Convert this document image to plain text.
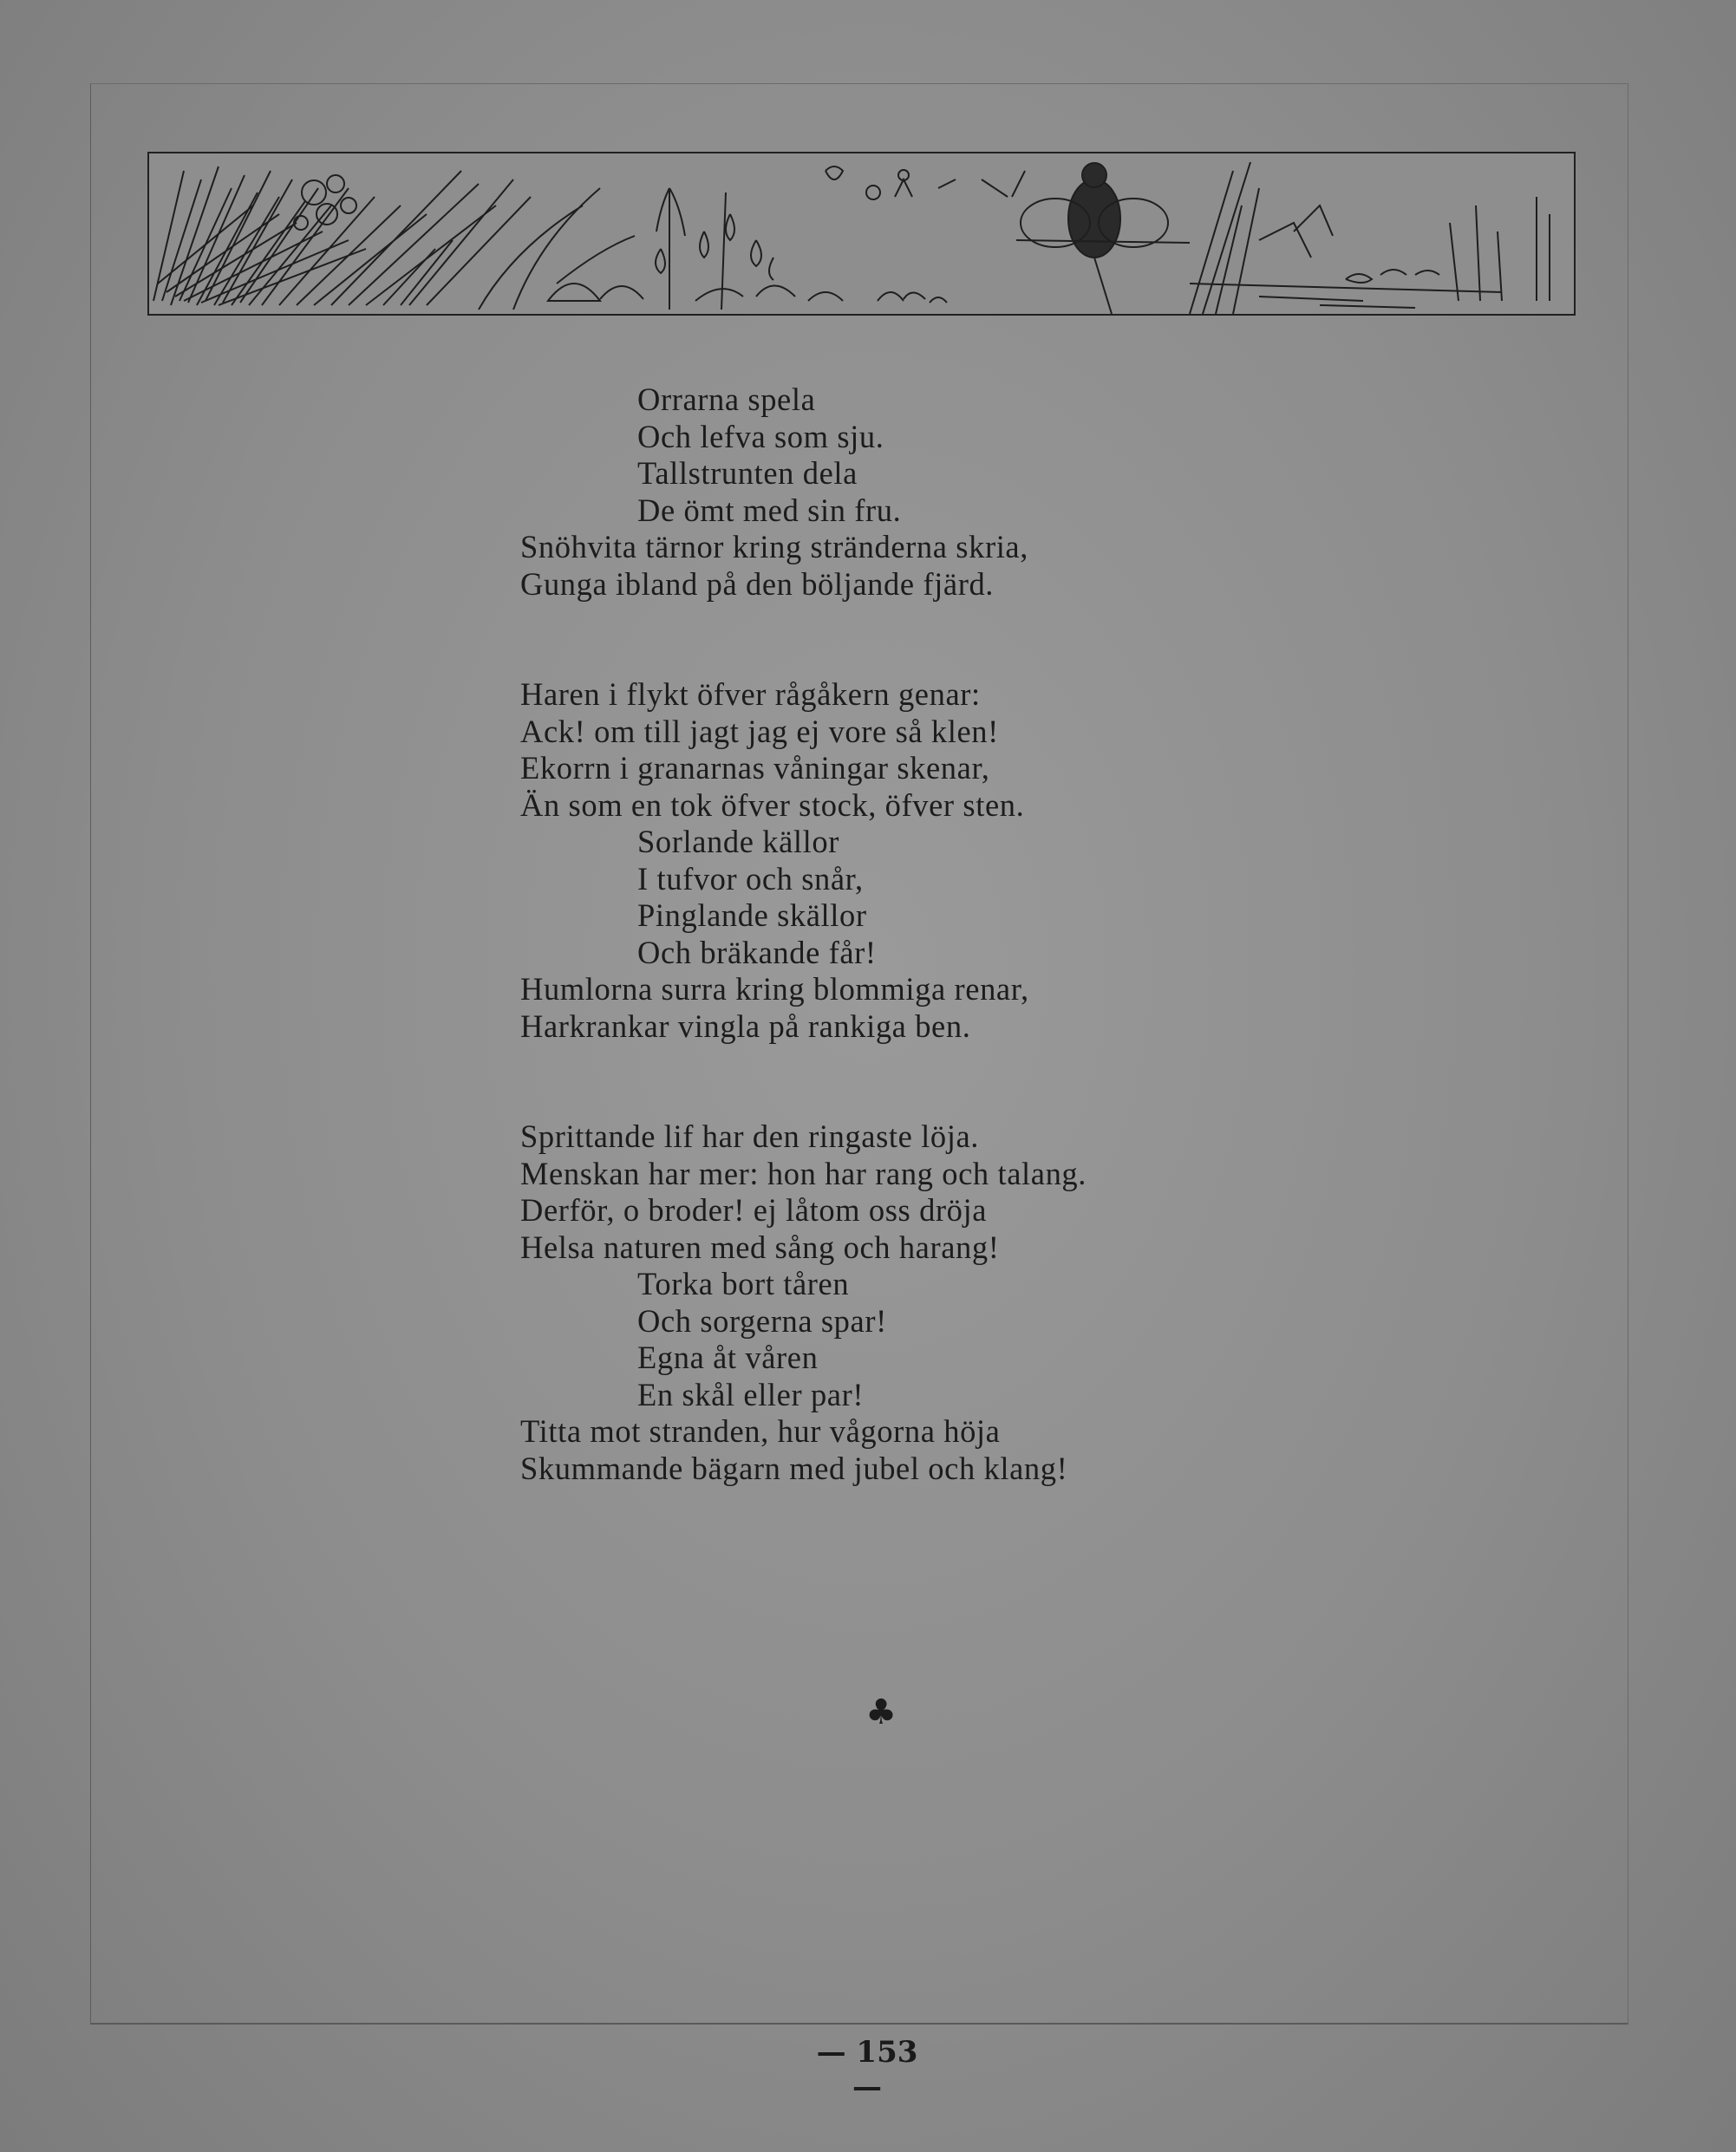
Orrarna spela
Och lefva som sju.
Tallstrunten dela
De ömt med sin fru.
Snöhvita tärnor kring stränderna skria,
Gunga ibland på den böljande fjärd.
Haren i flykt öfver rågåkern genar:
Ack! om till jagt jag ej vore så klen!
Ekorrn i granarnas våningar skenar,
Än som en tok öfver stock, öfver sten.
Sorlande källor
I tufvor och snår,
Pinglande skällor
Och bräkande får!
Humlorna surra kring blommiga renar,
Harkrankar vingla på rankiga ben.
Sprittande lif har den ringaste löja.
Menskan har mer: hon har rang och talang.
Derför, o broder! ej låtom oss dröja
Helsa naturen med sång och harang!
Torka bort tåren
Och sorgerna spar!
Egna åt våren
En skål eller par!
Titta mot stranden, hur vågorna höja
Skummande bägarn med jubel och klang!
♣
— 153 —
